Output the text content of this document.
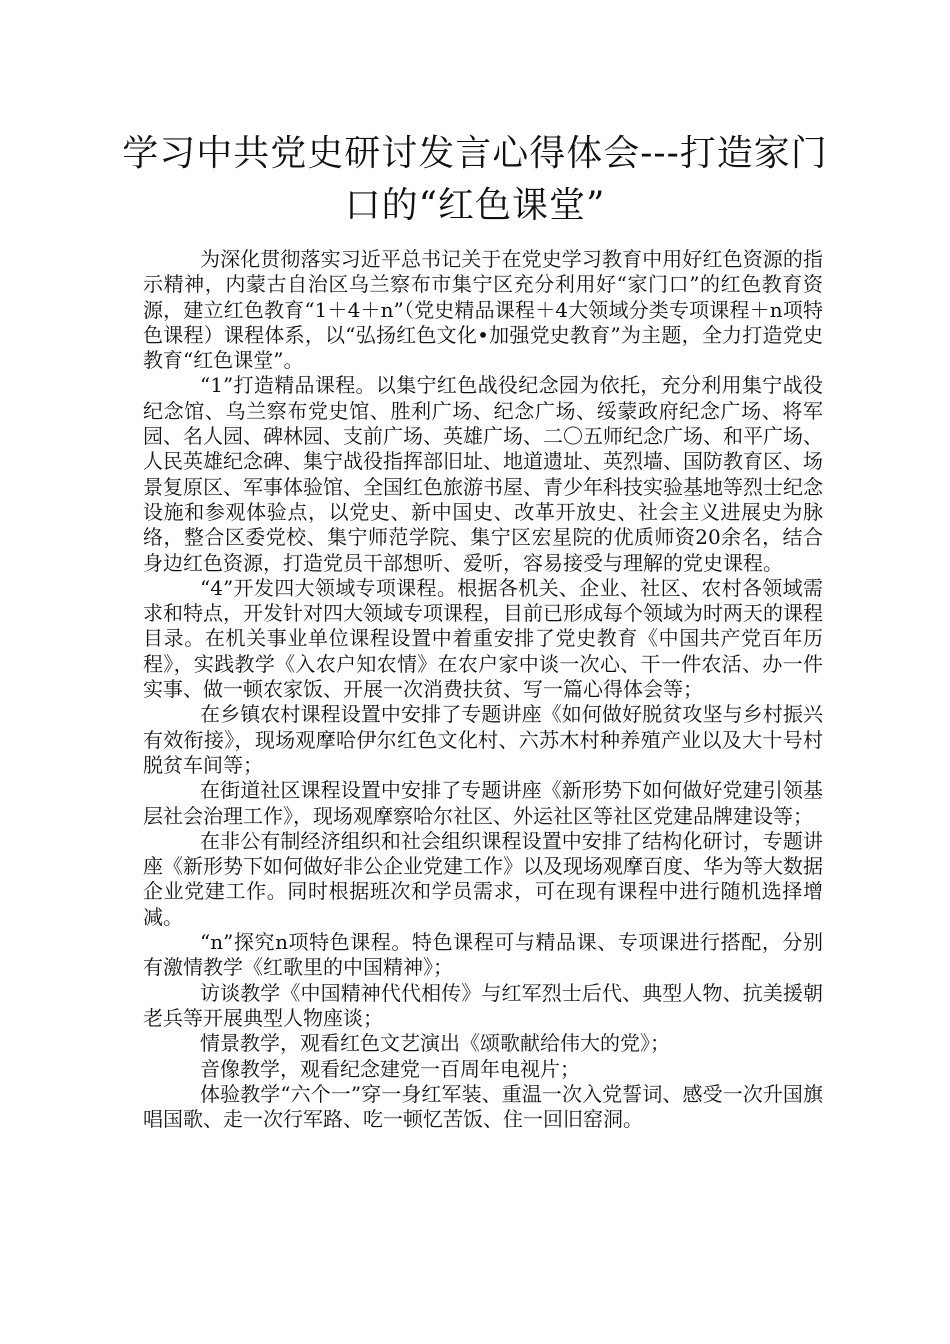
学习中共党史研讨发言心得体会---打造家门口的“红色课堂”

为深化贯彻落实习近平总书记关于在党史学习教育中用好红色资源的指示精神，内蒙古自治区乌兰察布市集宁区充分利用好“家门口”的红色教育资源，建立红色教育“1＋4＋n”（党史精品课程＋4大领域分类专项课程＋n项特色课程）课程体系，以“弘扬红色文化•加强党史教育”为主题，全力打造党史教育“红色课堂”。

“1”打造精品课程。以集宁红色战役纪念园为依托，充分利用集宁战役纪念馆、乌兰察布党史馆、胜利广场、纪念广场、绥蒙政府纪念广场、将军园、名人园、碑林园、支前广场、英雄广场、二〇五师纪念广场、和平广场、人民英雄纪念碑、集宁战役指挥部旧址、地道遗址、英烈墙、国防教育区、场景复原区、军事体验馆、全国红色旅游书屋、青少年科技实验基地等烈士纪念设施和参观体验点，以党史、新中国史、改革开放史、社会主义进展史为脉络，整合区委党校、集宁师范学院、集宁区宏星院的优质师资20余名，结合身边红色资源，打造党员干部想听、爱听，容易接受与理解的党史课程。

“4”开发四大领域专项课程。根据各机关、企业、社区、农村各领域需求和特点，开发针对四大领域专项课程，目前已形成每个领域为时两天的课程目录。在机关事业单位课程设置中着重安排了党史教育《中国共产党百年历程》，实践教学《入农户知农情》在农户家中谈一次心、干一件农活、办一件实事、做一顿农家饭、开展一次消费扶贫、写一篇心得体会等；

在乡镇农村课程设置中安排了专题讲座《如何做好脱贫攻坚与乡村振兴有效衔接》，现场观摩哈伊尔红色文化村、六苏木村种养殖产业以及大十号村脱贫车间等；

在街道社区课程设置中安排了专题讲座《新形势下如何做好党建引领基层社会治理工作》，现场观摩察哈尔社区、外运社区等社区党建品牌建设等；

在非公有制经济组织和社会组织课程设置中安排了结构化研讨，专题讲座《新形势下如何做好非公企业党建工作》以及现场观摩百度、华为等大数据企业党建工作。同时根据班次和学员需求，可在现有课程中进行随机选择增减。

“n”探究n项特色课程。特色课程可与精品课、专项课进行搭配，分别有激情教学《红歌里的中国精神》；

访谈教学《中国精神代代相传》与红军烈士后代、典型人物、抗美援朝老兵等开展典型人物座谈；

情景教学，观看红色文艺演出《颂歌献给伟大的党》；

音像教学，观看纪念建党一百周年电视片；

体验教学“六个一”穿一身红军装、重温一次入党誓词、感受一次升国旗唱国歌、走一次行军路、吃一顿忆苦饭、住一回旧窑洞。
